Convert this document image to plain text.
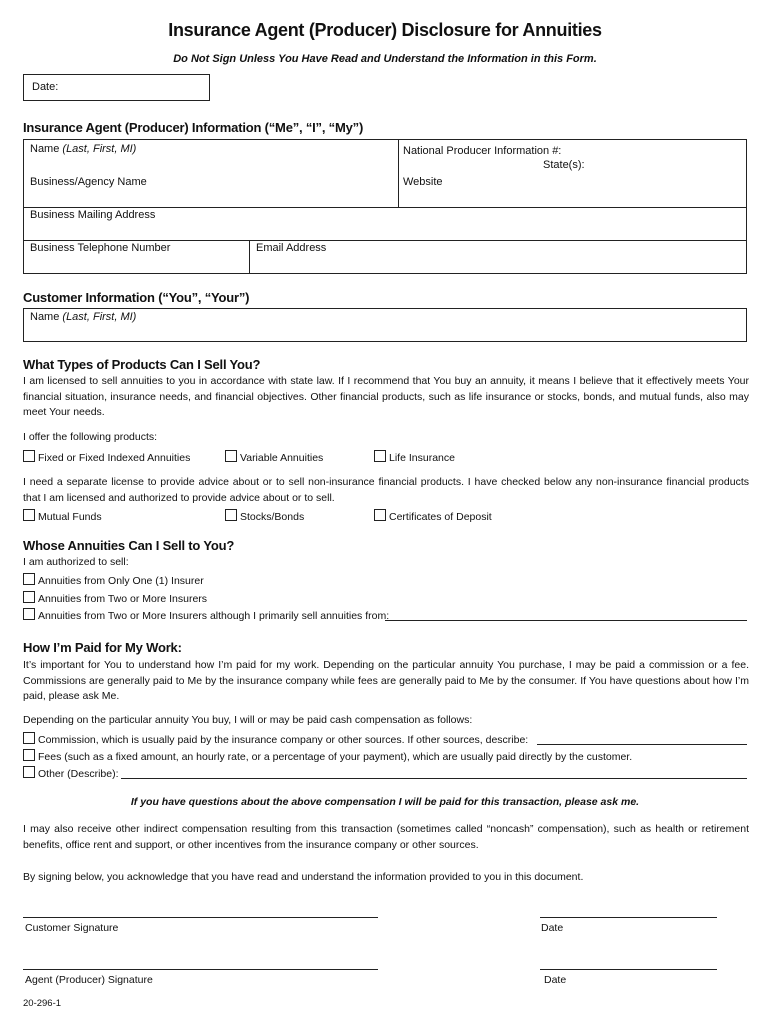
Insurance Agent (Producer) Disclosure for Annuities
Do Not Sign Unless You Have Read and Understand the Information in this Form.
Date:
Insurance Agent (Producer) Information (“Me”, “I”, “My”)
Name (Last, First, MI)	National Producer Information #:
State(s):
Business/Agency Name	Website
Business Mailing Address
Business Telephone Number	Email Address
Customer Information (“You”, “Your”)
Name (Last, First, MI)
What Types of Products Can I Sell You?
I am licensed to sell annuities to you in accordance with state law. If I recommend that You buy an annuity, it means I believe that it effectively meets Your financial situation, insurance needs, and financial objectives. Other financial products, such as life insurance or stocks, bonds, and mutual funds, also may meet Your needs.
I offer the following products:
Fixed or Fixed Indexed Annuities	Variable Annuities	Life Insurance
I need a separate license to provide advice about or to sell non-insurance financial products. I have checked below any non-insurance financial products that I am licensed and authorized to provide advice about or to sell.
Mutual Funds	Stocks/Bonds	Certificates of Deposit
Whose Annuities Can I Sell to You?
I am authorized to sell:
Annuities from Only One (1) Insurer
Annuities from Two or More Insurers
Annuities from Two or More Insurers although I primarily sell annuities from:
How I’m Paid for My Work:
It’s important for You to understand how I’m paid for my work. Depending on the particular annuity You purchase, I may be paid a commission or a fee. Commissions are generally paid to Me by the insurance company while fees are generally paid to Me by the consumer. If You have questions about how I’m paid, please ask Me.
Depending on the particular annuity You buy, I will or may be paid cash compensation as follows:
Commission, which is usually paid by the insurance company or other sources. If other sources, describe:
Fees (such as a fixed amount, an hourly rate, or a percentage of your payment), which are usually paid directly by the customer.
Other (Describe):
If you have questions about the above compensation I will be paid for this transaction, please ask me.
I may also receive other indirect compensation resulting from this transaction (sometimes called “noncash” compensation), such as health or retirement benefits, office rent and support, or other incentives from the insurance company or other sources.
By signing below, you acknowledge that you have read and understand the information provided to you in this document.
Customer Signature	Date
Agent (Producer) Signature	Date
20-296-1
